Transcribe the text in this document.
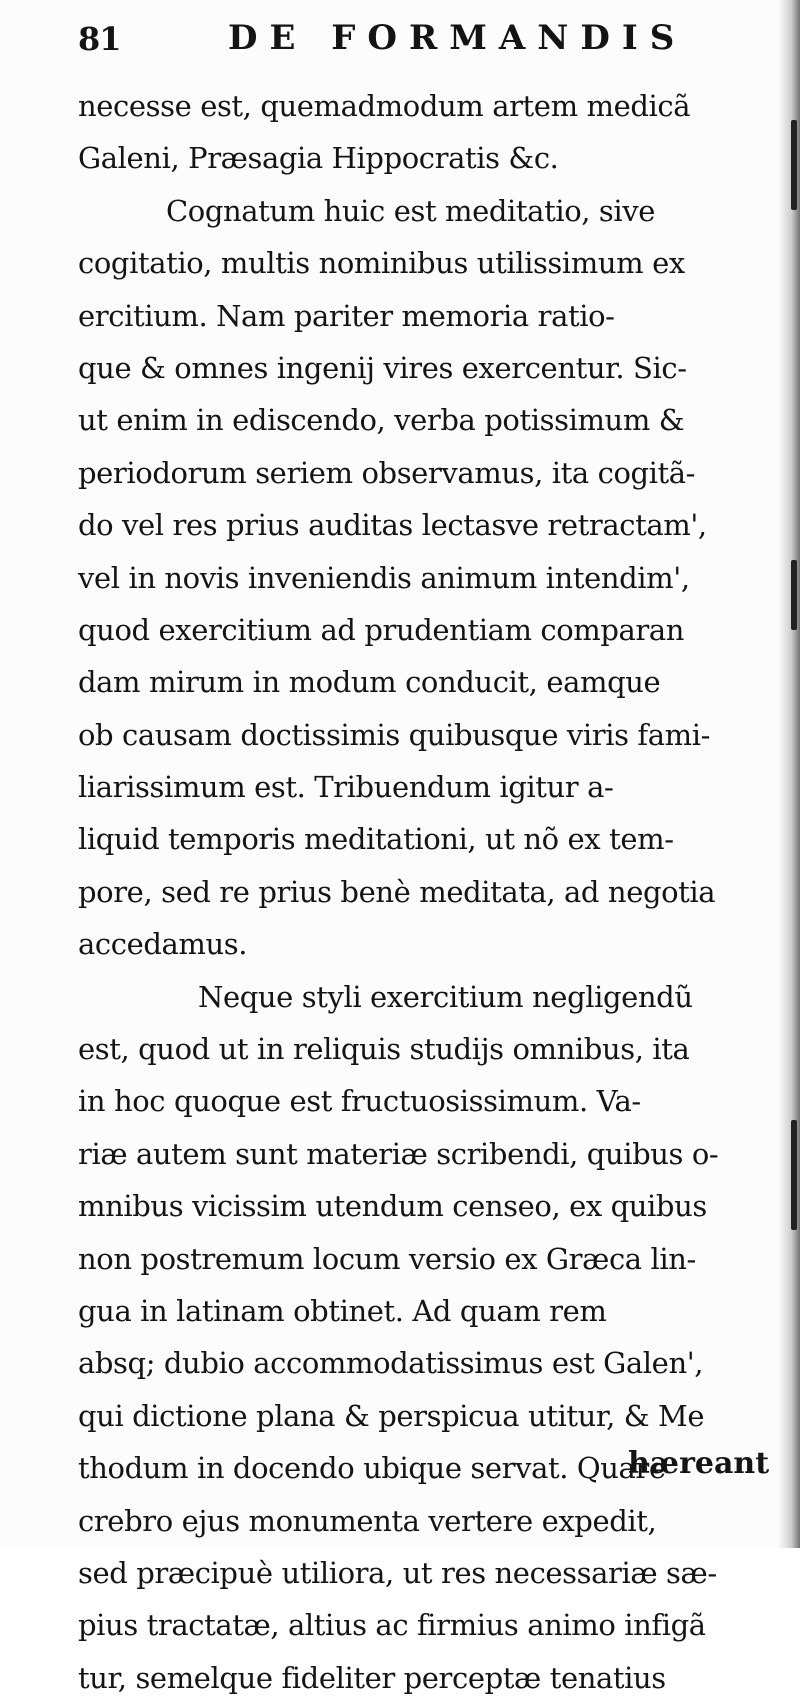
81	DE FORMANDIS
necesse est, quemadmodum artem medicã
Galeni, Præsagia Hippocratis &c.
Cognatum huic est meditatio, sive
cogitatio, multis nominibus utilissimum ex
ercitium. Nam pariter memoria ratio-
que & omnes ingenij vires exercentur. Sic-
ut enim in ediscendo, verba potissimum &
periodorum seriem observamus, ita cogitã-
do vel res prius auditas lectasve retractam',
vel in novis inveniendis animum intendim',
quod exercitium ad prudentiam comparan
dam mirum in modum conducit, eamque
ob causam doctissimis quibusque viris fami-
liarissimum est. Tribuendum igitur a-
liquid temporis meditationi, ut nõ ex tem-
pore, sed re prius benè meditata, ad negotia
accedamus.
Neque styli exercitium negligendũ
est, quod ut in reliquis studijs omnibus, ita
in hoc quoque est fructuosissimum. Va-
riæ autem sunt materiæ scribendi, quibus o-
mnibus vicissim utendum censeo, ex quibus
non postremum locum versio ex Græca lin-
gua in latinam obtinet. Ad quam rem
absq; dubio accommodatissimus est Galen',
qui dictione plana & perspicua utitur, & Me
thodum in docendo ubique servat. Quare
crebro ejus monumenta vertere expedit,
sed præcipuè utiliora, ut res necessariæ sæ-
pius tractatæ, altius ac firmius animo infigã
tur, semelque fideliter perceptæ tenatius
hæreant
